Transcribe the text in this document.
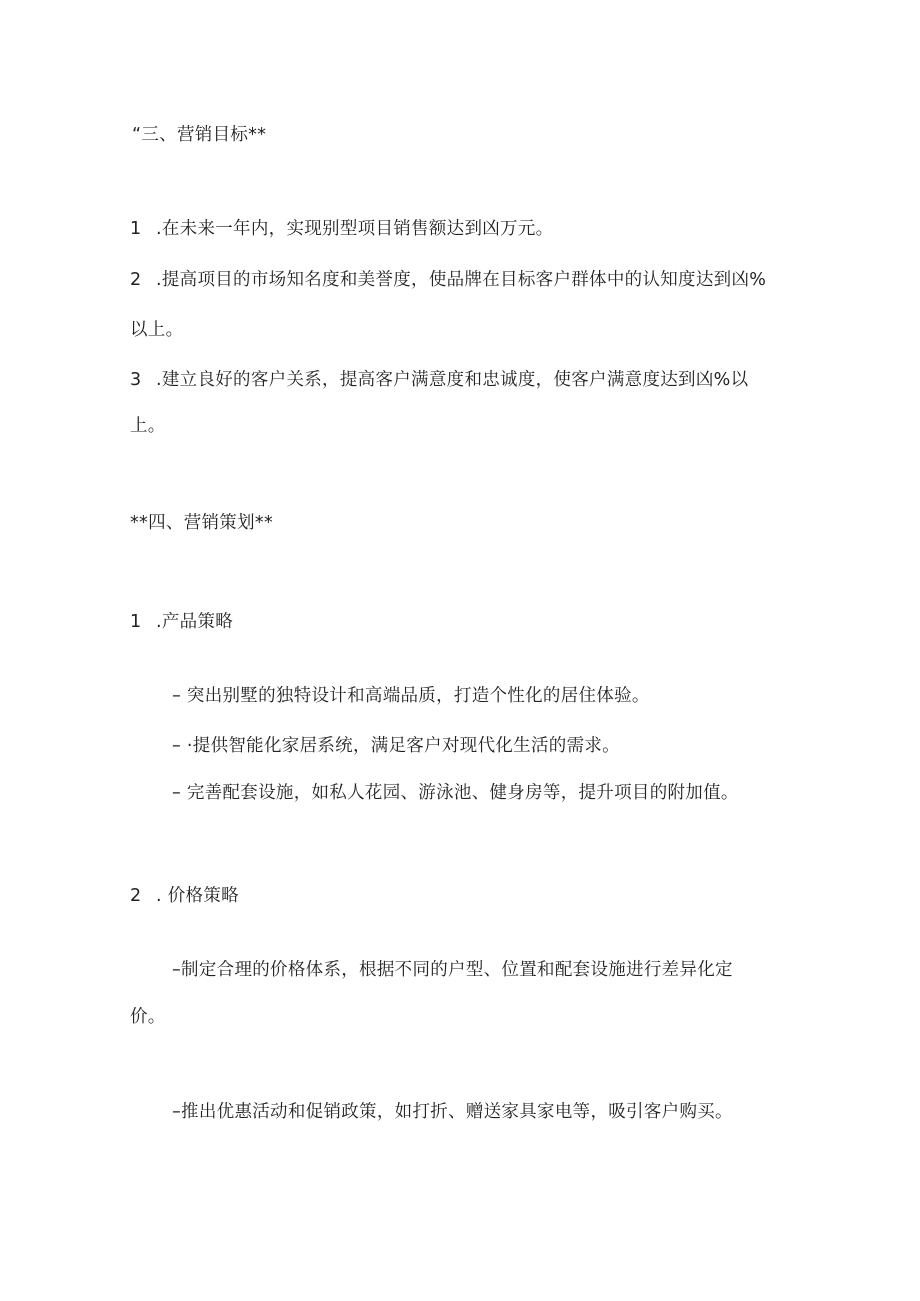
“三、营销目标**
1 .在未来一年内，实现别型项目销售额达到凶万元。
2 .提高项目的市场知名度和美誉度，使品牌在目标客户群体中的认知度达到凶%
以上。
3 .建立良好的客户关系，提高客户满意度和忠诚度，使客户满意度达到凶%以
上。
**四、营销策划**
1 .产品策略
– 突出别墅的独特设计和高端品质，打造个性化的居住体验。
– ·提供智能化家居系统，满足客户对现代化生活的需求。
– 完善配套设施，如私人花园、游泳池、健身房等，提升项目的附加值。
2 . 价格策略
–制定合理的价格体系，根据不同的户型、位置和配套设施进行差异化定
价。
–推出优惠活动和促销政策，如打折、赠送家具家电等，吸引客户购买。
